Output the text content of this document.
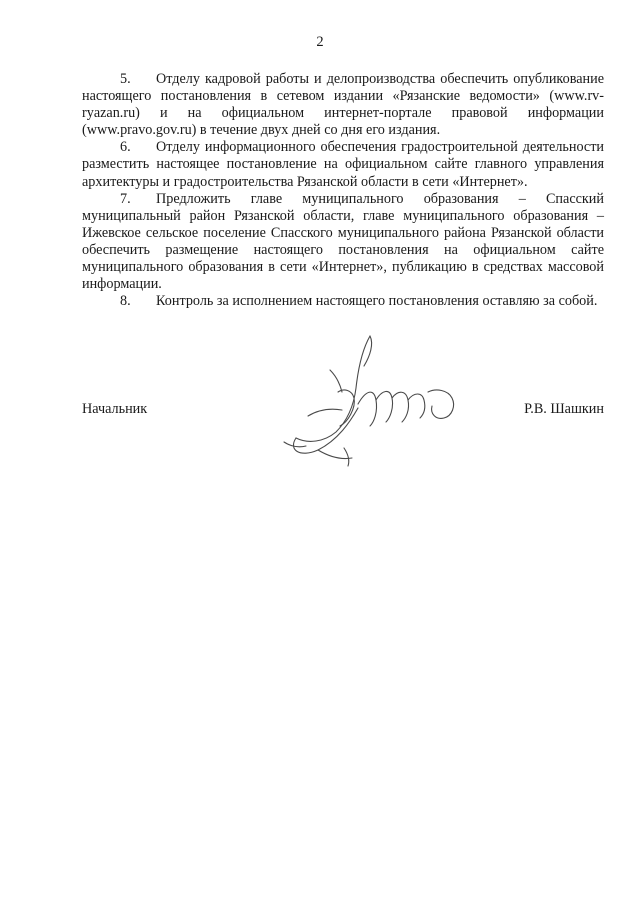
2

5. Отделу кадровой работы и делопроизводства обеспечить опубликование настоящего постановления в сетевом издании «Рязанские ведомости» (www.rv-ryazan.ru) и на официальном интернет-портале правовой информации (www.pravo.gov.ru) в течение двух дней со дня его издания.

6. Отделу информационного обеспечения градостроительной деятельности разместить настоящее постановление на официальном сайте главного управления архитектуры и градостроительства Рязанской области в сети «Интернет».

7. Предложить главе муниципального образования – Спасский муниципальный район Рязанской области, главе муниципального образования – Ижевское сельское поселение Спасского муниципального района Рязанской области обеспечить размещение настоящего постановления на официальном сайте муниципального образования в сети «Интернет», публикацию в средствах массовой информации.

8. Контроль за исполнением настоящего постановления оставляю за собой.

Начальник	Р.В. Шашкин
